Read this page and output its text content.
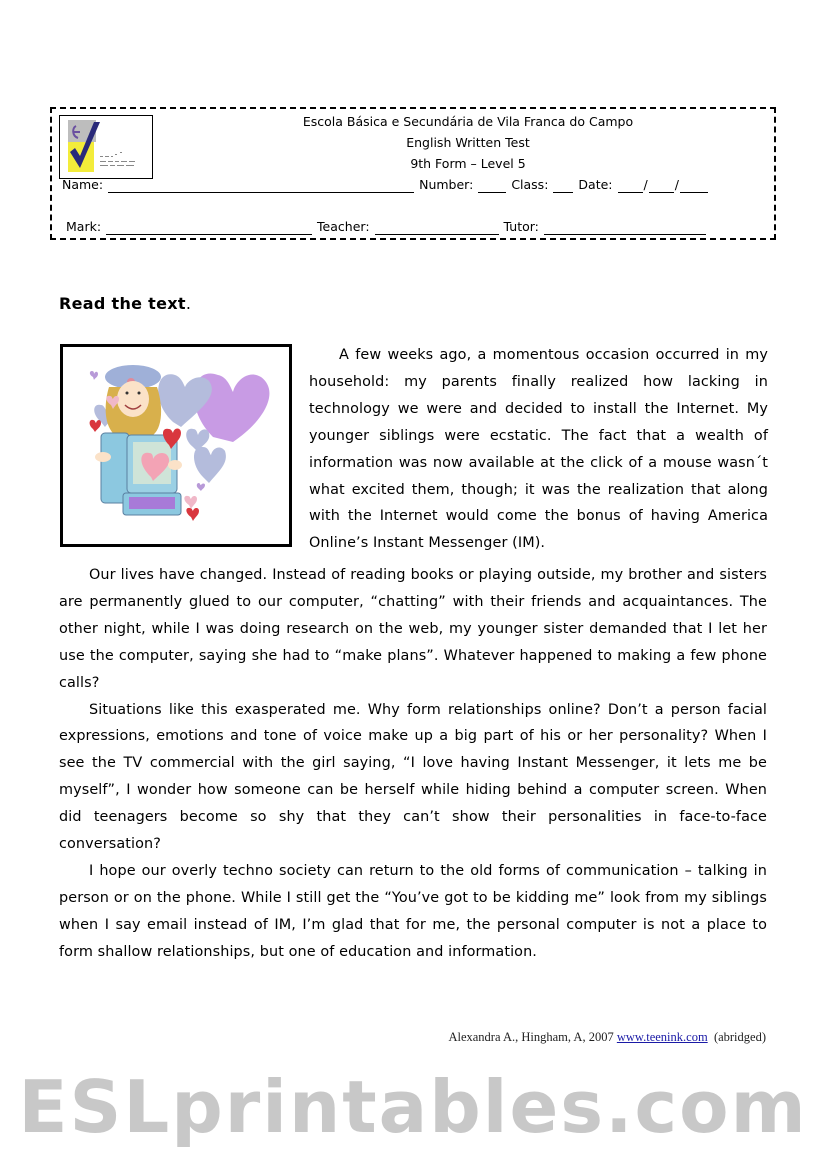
Escola Básica e Secundária de Vila Franca do Campo
English Written Test
9th Form – Level 5
Name:	Number:	Class: Date: / /
Mark:	Teacher:	Tutor:
Read the text.

A few weeks ago, a momentous occasion occurred in my household: my parents finally realized how lacking in technology we were and decided to install the Internet. My younger siblings were ecstatic. The fact that a wealth of information was now available at the click of a mouse wasn´t what excited them, though; it was the realization that along with the Internet would come the bonus of having America Online’s Instant Messenger (IM).

Our lives have changed. Instead of reading books or playing outside, my brother and sisters are permanently glued to our computer, “chatting” with their friends and acquaintances. The other night, while I was doing research on the web, my younger sister demanded that I let her use the computer, saying she had to “make plans”. Whatever happened to making a few phone calls?

Situations like this exasperated me. Why form relationships online? Don’t a person facial expressions, emotions and tone of voice make up a big part of his or her personality? When I see the TV commercial with the girl saying, “I love having Instant Messenger, it lets me be myself”, I wonder how someone can be herself while hiding behind a computer screen. When did teenagers become so shy that they can’t show their personalities in face-to-face conversation?

I hope our overly techno society can return to the old forms of communication – talking in person or on the phone. While I still get the “You’ve got to be kidding me” look from my siblings when I say email instead of IM, I’m glad that for me, the personal computer is not a place to form shallow relationships, but one of education and information.

Alexandra A., Hingham, A, 2007 www.teenink.com (abridged)
ESLprintables.com
